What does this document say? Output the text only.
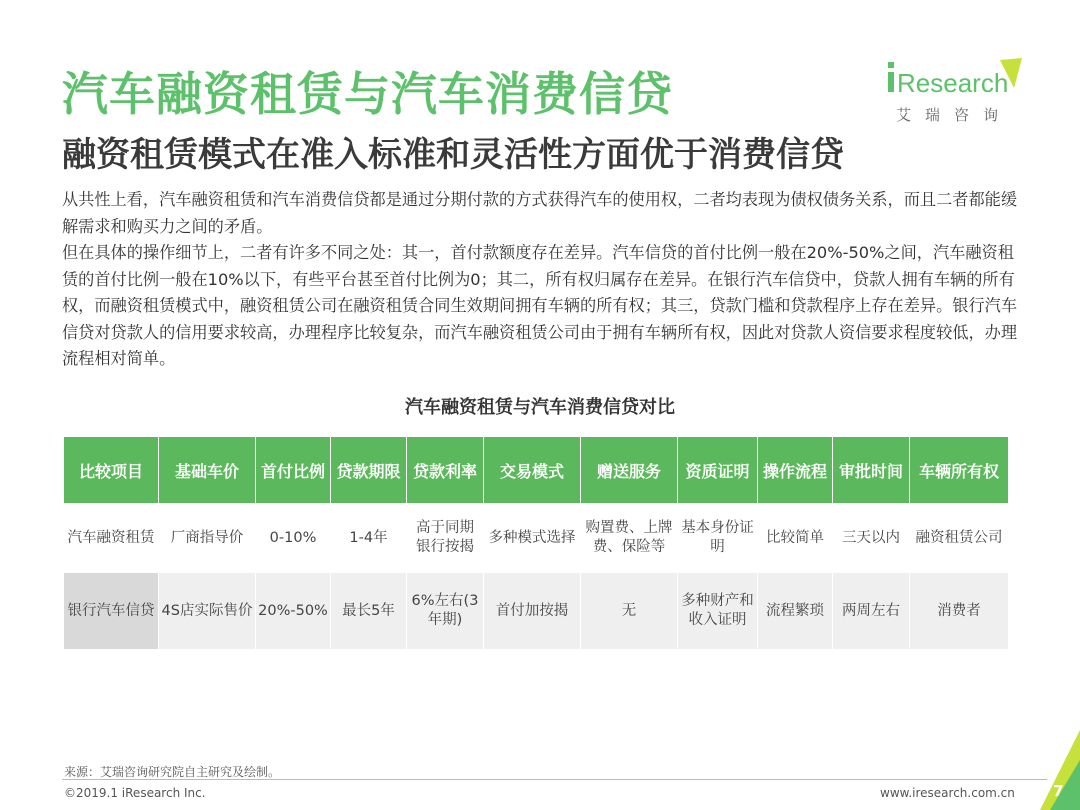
汽车融资租赁与汽车消费信贷
融资租赁模式在准入标准和灵活性方面优于消费信贷
Research
艾瑞咨询

从共性上看，汽车融资租赁和汽车消费信贷都是通过分期付款的方式获得汽车的使用权，二者均表现为债权债务关系，而且二者都能缓解需求和购买力之间的矛盾。

但在具体的操作细节上，二者有许多不同之处：其一，首付款额度存在差异。汽车信贷的首付比例一般在20%-50%之间，汽车融资租赁的首付比例一般在10%以下，有些平台甚至首付比例为0；其二，所有权归属存在差异。在银行汽车信贷中，贷款人拥有车辆的所有权，而融资租赁模式中，融资租赁公司在融资租赁合同生效期间拥有车辆的所有权；其三，贷款门槛和贷款程序上存在差异。银行汽车信贷对贷款人的信用要求较高，办理程序比较复杂，而汽车融资租赁公司由于拥有车辆所有权，因此对贷款人资信要求程度较低，办理流程相对简单。

汽车融资租赁与汽车消费信贷对比
比较项目	基础车价	首付比例	贷款期限	贷款利率	交易模式	赠送服务	资质证明	操作流程	审批时间	车辆所有权
汽车融资租赁	厂商指导价	0-10%	1-4年	高于同期银行按揭	多种模式选择	购置费、上牌费、保险等	基本身份证明	比较简单	三天以内	融资租赁公司
银行汽车信贷	4S店实际售价	20%-50%	最长5年	6%左右(3年期)	首付加按揭	无	多种财产和收入证明	流程繁琐	两周左右	消费者
来源：艾瑞咨询研究院自主研究及绘制。
©2019.1 iResearch Inc.	www.iresearch.com.cn	7
